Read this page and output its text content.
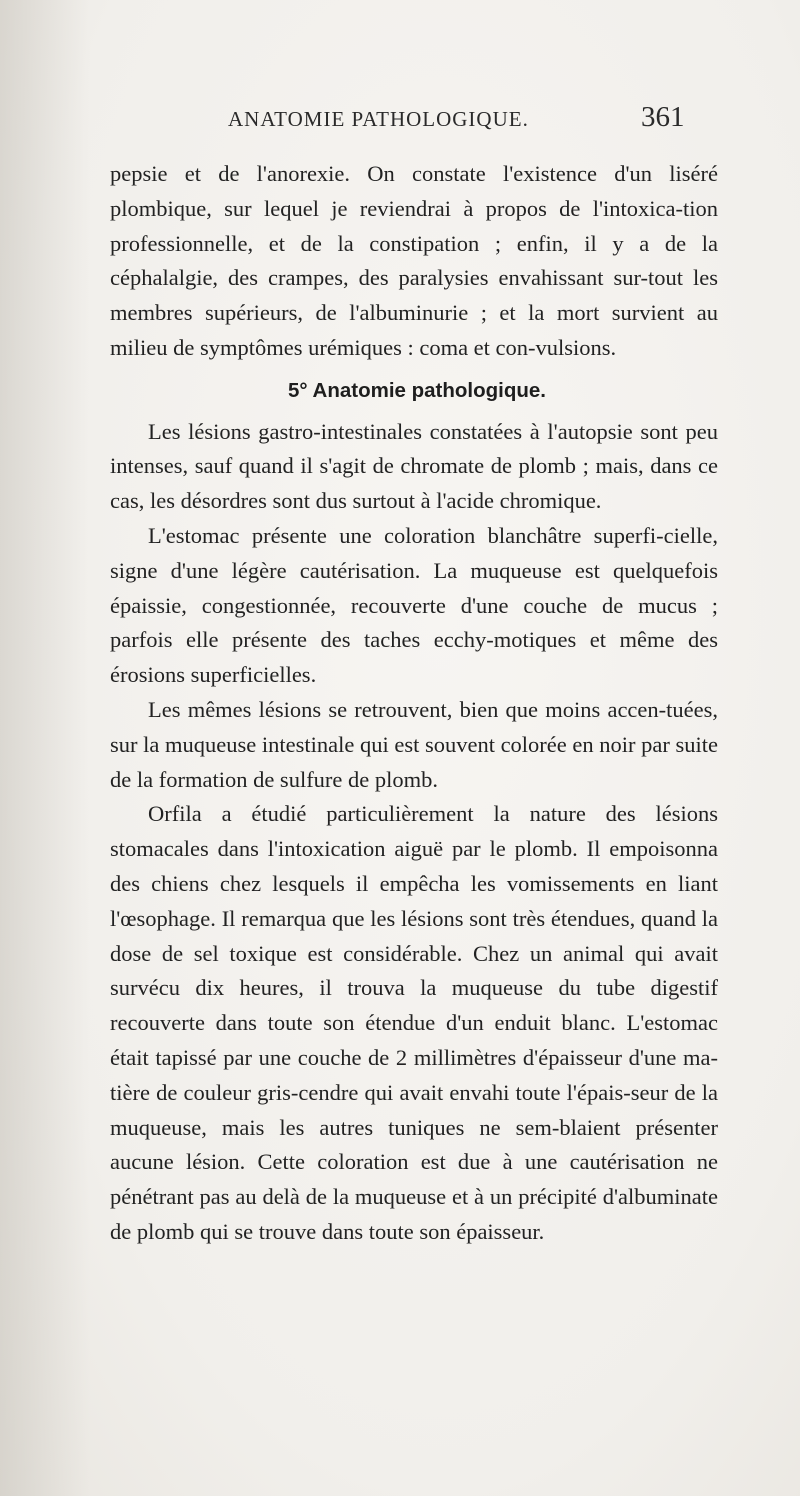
ANATOMIE PATHOLOGIQUE.	361

pepsie et de l'anorexie. On constate l'existence d'un liséré plombique, sur lequel je reviendrai à propos de l'intoxica-tion professionnelle, et de la constipation ; enfin, il y a de la céphalalgie, des crampes, des paralysies envahissant sur-tout les membres supérieurs, de l'albuminurie ; et la mort survient au milieu de symptômes urémiques : coma et con-vulsions.

5° Anatomie pathologique.

Les lésions gastro-intestinales constatées à l'autopsie sont peu intenses, sauf quand il s'agit de chromate de plomb ; mais, dans ce cas, les désordres sont dus surtout à l'acide chromique.

L'estomac présente une coloration blanchâtre superfi-cielle, signe d'une légère cautérisation. La muqueuse est quelquefois épaissie, congestionnée, recouverte d'une couche de mucus ; parfois elle présente des taches ecchy-motiques et même des érosions superficielles.

Les mêmes lésions se retrouvent, bien que moins accen-tuées, sur la muqueuse intestinale qui est souvent colorée en noir par suite de la formation de sulfure de plomb.

Orfila a étudié particulièrement la nature des lésions stomacales dans l'intoxication aiguë par le plomb. Il empoisonna des chiens chez lesquels il empêcha les vomissements en liant l'œsophage. Il remarqua que les lésions sont très étendues, quand la dose de sel toxique est considérable. Chez un animal qui avait survécu dix heures, il trouva la muqueuse du tube digestif recouverte dans toute son étendue d'un enduit blanc. L'estomac était tapissé par une couche de 2 millimètres d'épaisseur d'une ma-tière de couleur gris-cendre qui avait envahi toute l'épais-seur de la muqueuse, mais les autres tuniques ne sem-blaient présenter aucune lésion. Cette coloration est due à une cautérisation ne pénétrant pas au delà de la muqueuse et à un précipité d'albuminate de plomb qui se trouve dans toute son épaisseur.
